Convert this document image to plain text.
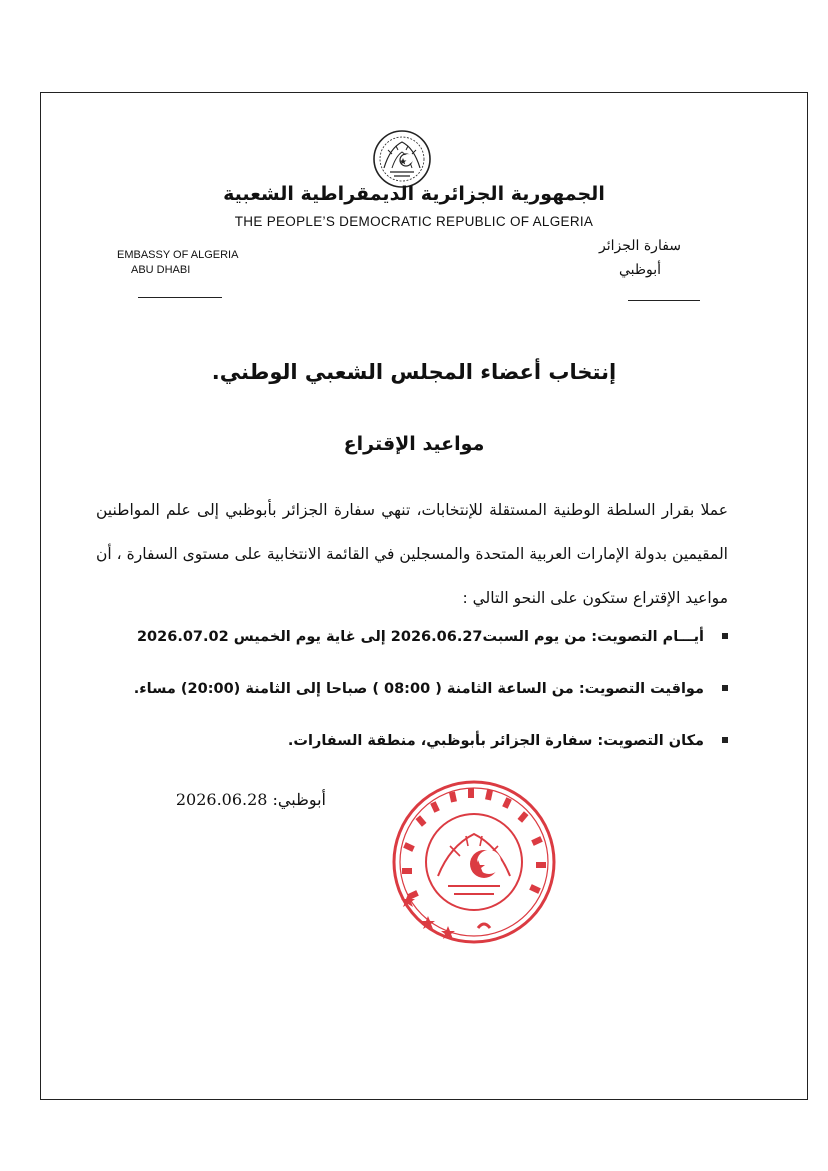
الجمهورية الجزائرية الديمقراطية الشعبية
THE PEOPLE’S DEMOCRATIC REPUBLIC OF ALGERIA
EMBASSY OF ALGERIA
ABU DHABI
سفارة الجزائر
أبوظبي
إنتخاب أعضاء المجلس الشعبي الوطني.
مواعيد الإقتراع
عملا بقرار السلطة الوطنية المستقلة للإنتخابات، تنهي سفارة الجزائر بأبوظبي إلى علم المواطنين المقيمين بدولة الإمارات العربية المتحدة والمسجلين في القائمة الانتخابية على مستوى السفارة ، أن مواعيد الإقتراع ستكون على النحو التالي :
أيـــام التصويت: من يوم السبت2026.06.27 إلى غاية يوم الخميس 2026.07.02
مواقيت التصويت: من الساعة الثامنة ( 08:00 ) صباحا إلى الثامنة (20:00) مساء.
مكان التصويت: سفارة الجزائر بأبوظبي، منطقة السفارات.
أبوظبي: 2026.06.28
